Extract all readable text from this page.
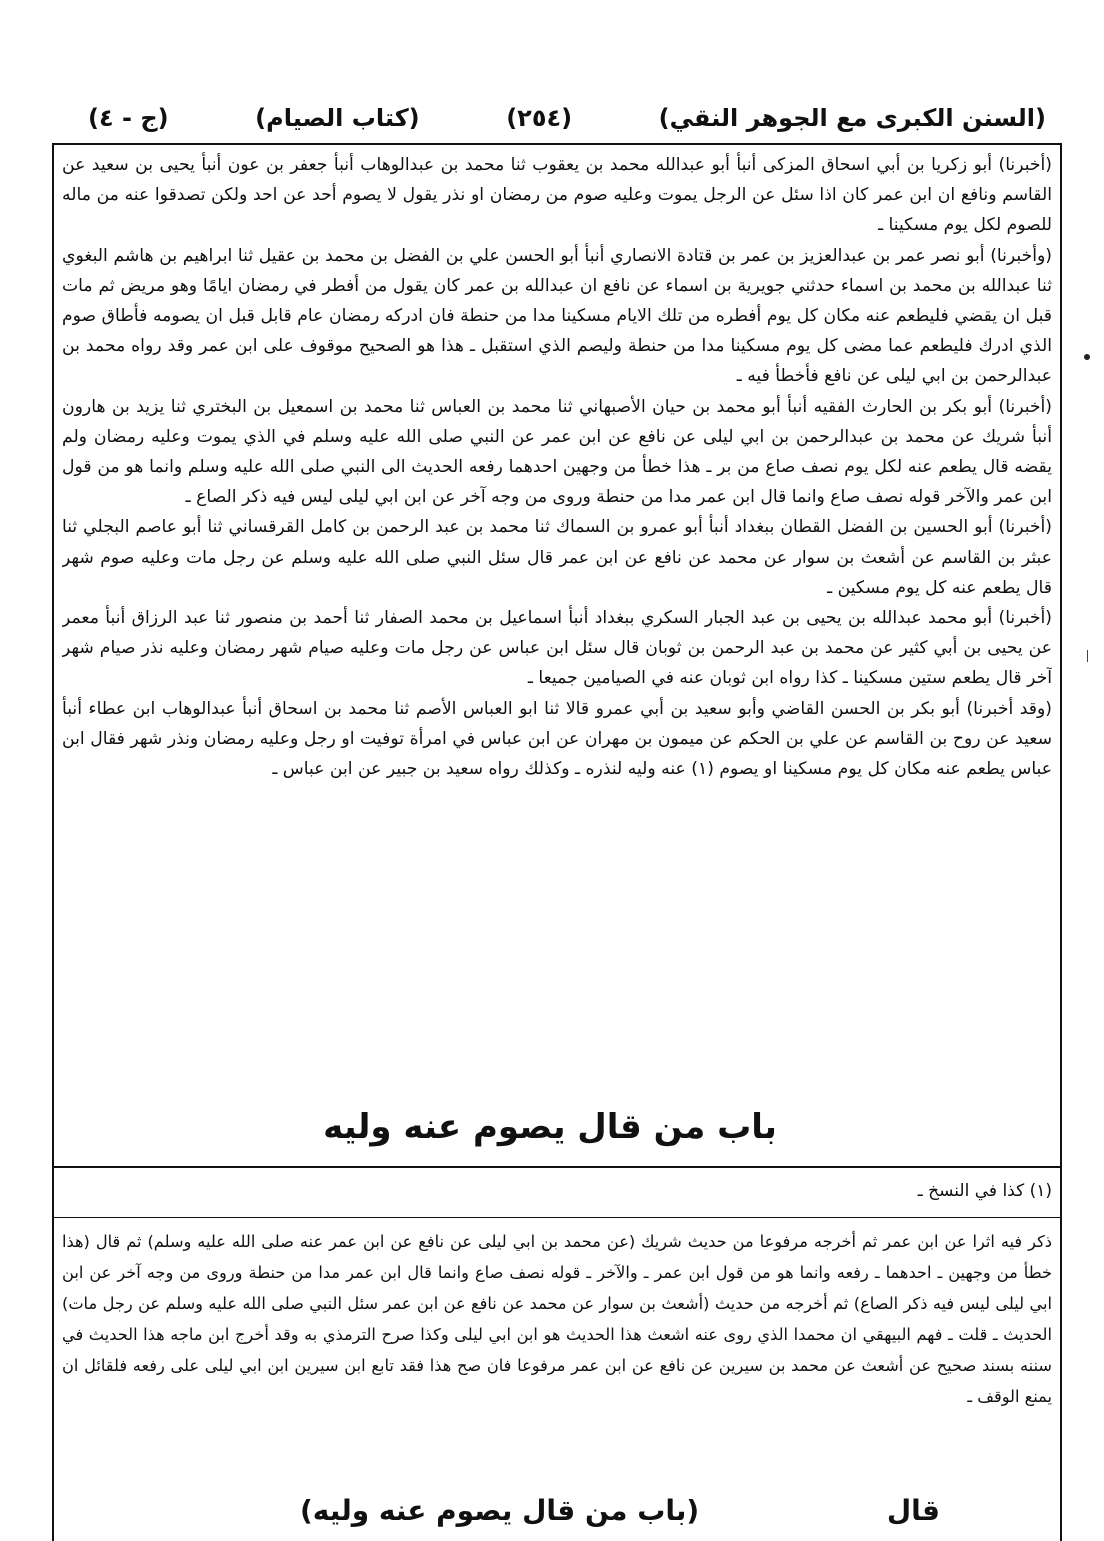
(السنن الكبرى مع الجوهر النقي)
(٢٥٤)
(كتاب الصيام)
(ج - ٤)

(أخبرنا) أبو زكريا بن أبي اسحاق المزكى أنبأ أبو عبدالله محمد بن يعقوب ثنا محمد بن عبدالوهاب أنبأ جعفر بن عون أنبأ يحيى بن سعيد عن القاسم ونافع ان ابن عمر كان اذا سئل عن الرجل يموت وعليه صوم من رمضان او نذر يقول لا يصوم أحد عن احد ولكن تصدقوا عنه من ماله للصوم لكل يوم مسكينا ـ

(وأخبرنا) أبو نصر عمر بن عبدالعزيز بن عمر بن قتادة الانصاري أنبأ أبو الحسن علي بن الفضل بن محمد بن عقيل ثنا ابراهيم بن هاشم البغوي ثنا عبدالله بن محمد بن اسماء حدثني جويرية بن اسماء عن نافع ان عبدالله بن عمر كان يقول من أفطر في رمضان ايامًا وهو مريض ثم مات قبل ان يقضي فليطعم عنه مكان كل يوم أفطره من تلك الايام مسكينا مدا من حنطة فان ادركه رمضان عام قابل قبل ان يصومه فأطاق صوم الذي ادرك فليطعم عما مضى كل يوم مسكينا مدا من حنطة وليصم الذي استقبل ـ هذا هو الصحيح موقوف على ابن عمر وقد رواه محمد بن عبدالرحمن بن ابي ليلى عن نافع فأخطأ فيه ـ

(أخبرنا) أبو بكر بن الحارث الفقيه أنبأ أبو محمد بن حيان الأصبهاني ثنا محمد بن العباس ثنا محمد بن اسمعيل بن البختري ثنا يزيد بن هارون أنبأ شريك عن محمد بن عبدالرحمن بن ابي ليلى عن نافع عن ابن عمر عن النبي صلى الله عليه وسلم في الذي يموت وعليه رمضان ولم يقضه قال يطعم عنه لكل يوم نصف صاع من بر ـ هذا خطأ من وجهين احدهما رفعه الحديث الى النبي صلى الله عليه وسلم وانما هو من قول ابن عمر والآخر قوله نصف صاع وانما قال ابن عمر مدا من حنطة وروى من وجه آخر عن ابن ابي ليلى ليس فيه ذكر الصاع ـ

(أخبرنا) أبو الحسين بن الفضل القطان ببغداد أنبأ أبو عمرو بن السماك ثنا محمد بن عبد الرحمن بن كامل القرقساني ثنا أبو عاصم البجلي ثنا عبثر بن القاسم عن أشعث بن سوار عن محمد عن نافع عن ابن عمر قال سئل النبي صلى الله عليه وسلم عن رجل مات وعليه صوم شهر قال يطعم عنه كل يوم مسكين ـ

(أخبرنا) أبو محمد عبدالله بن يحيى بن عبد الجبار السكري ببغداد أنبأ اسماعيل بن محمد الصفار ثنا أحمد بن منصور ثنا عبد الرزاق أنبأ معمر عن يحيى بن أبي كثير عن محمد بن عبد الرحمن بن ثوبان قال سئل ابن عباس عن رجل مات وعليه صيام شهر رمضان وعليه نذر صيام شهر آخر قال يطعم ستين مسكينا ـ كذا رواه ابن ثوبان عنه في الصيامين جميعا ـ

(وقد أخبرنا) أبو بكر بن الحسن القاضي وأبو سعيد بن أبي عمرو قالا ثنا ابو العباس الأصم ثنا محمد بن اسحاق أنبأ عبدالوهاب ابن عطاء أنبأ سعيد عن روح بن القاسم عن علي بن الحكم عن ميمون بن مهران عن ابن عباس في امرأة توفيت او رجل وعليه رمضان ونذر شهر فقال ابن عباس يطعم عنه مكان كل يوم مسكينا او يصوم (١) عنه وليه لنذره ـ وكذلك رواه سعيد بن جبير عن ابن عباس ـ

باب من قال يصوم عنه وليه
(١) كذا في النسخ ـ

ذكر فيه اثرا عن ابن عمر ثم أخرجه مرفوعا من حديث شريك (عن محمد بن ابي ليلى عن نافع عن ابن عمر عنه صلى الله عليه وسلم) ثم قال (هذا خطأ من وجهين ـ احدهما ـ رفعه وانما هو من قول ابن عمر ـ والآخر ـ قوله نصف صاع وانما قال ابن عمر مدا من حنطة وروى من وجه آخر عن ابن ابي ليلى ليس فيه ذكر الصاع) ثم أخرجه من حديث (أشعث بن سوار عن محمد عن نافع عن ابن عمر سئل النبي صلى الله عليه وسلم عن رجل مات) الحديث ـ قلت ـ فهم البيهقي ان محمدا الذي روى عنه اشعث هذا الحديث هو ابن ابي ليلى وكذا صرح الترمذي به وقد أخرج ابن ماجه هذا الحديث في سننه بسند صحيح عن أشعث عن محمد بن سيرين عن نافع عن ابن عمر مرفوعا فان صح هذا فقد تابع ابن سيرين ابن ابي ليلى على رفعه فلقائل ان يمنع الوقف ـ

قال
(باب من قال يصوم عنه وليه)
